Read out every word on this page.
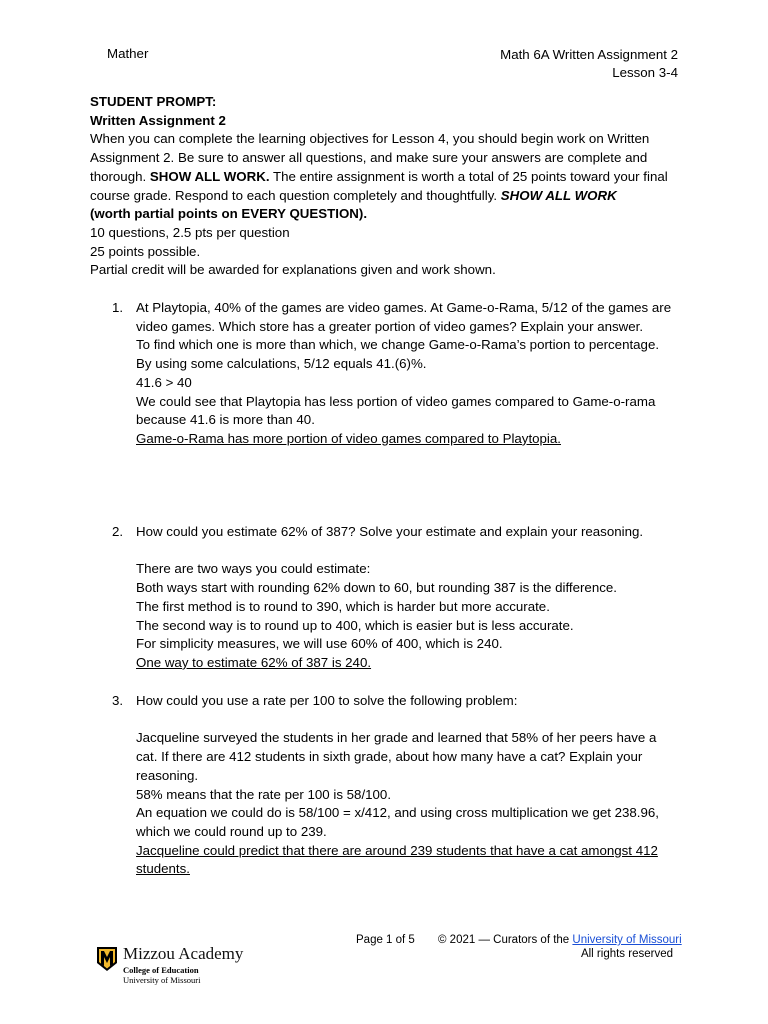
Mather	Math 6A Written Assignment 2
Lesson 3-4

STUDENT PROMPT:

Written Assignment 2

When you can complete the learning objectives for Lesson 4, you should begin work on Written Assignment 2. Be sure to answer all questions, and make sure your answers are complete and thorough. SHOW ALL WORK. The entire assignment is worth a total of 25 points toward your final course grade. Respond to each question completely and thoughtfully. SHOW ALL WORK
(worth partial points on EVERY QUESTION).

10 questions, 2.5 pts per question

25 points possible.

Partial credit will be awarded for explanations given and work shown.

1. At Playtopia, 40% of the games are video games. At Game-o-Rama, 5/12 of the games are video games. Which store has a greater portion of video games? Explain your answer.

To find which one is more than which, we change Game-o-Rama’s portion to percentage.

By using some calculations, 5/12 equals 41.(6)%.

41.6 > 40

We could see that Playtopia has less portion of video games compared to Game-o-rama because 41.6 is more than 40.

Game-o-Rama has more portion of video games compared to Playtopia.

2. How could you estimate 62% of 387? Solve your estimate and explain your reasoning.

There are two ways you could estimate:

Both ways start with rounding 62% down to 60, but rounding 387 is the difference.

The first method is to round to 390, which is harder but more accurate.

The second way is to round up to 400, which is easier but is less accurate.

For simplicity measures, we will use 60% of 400, which is 240.

One way to estimate 62% of 387 is 240.

3. How could you use a rate per 100 to solve the following problem:

Jacqueline surveyed the students in her grade and learned that 58% of her peers have a cat. If there are 412 students in sixth grade, about how many have a cat? Explain your reasoning.

58% means that the rate per 100 is 58/100.

An equation we could do is 58/100 = x/412, and using cross multiplication we get 238.96, which we could round up to 239.

Jacqueline could predict that there are around 239 students that have a cat amongst 412 students.

Page 1 of 5 © 2021 — Curators of the University of Missouri
All rights reserved
Mizzou Academy
College of Education
University of Missouri
